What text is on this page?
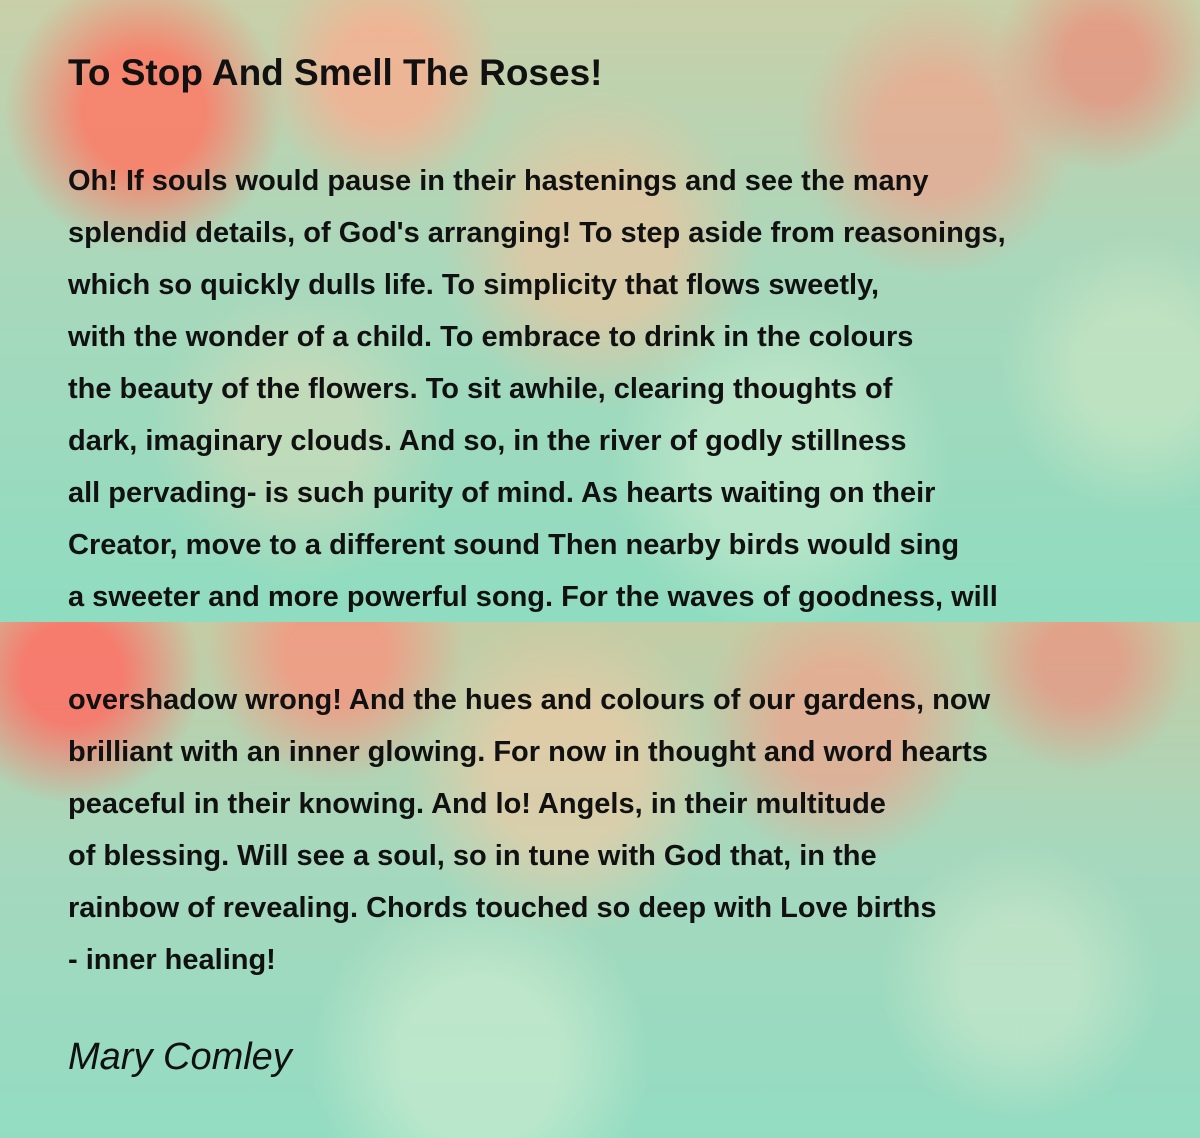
To Stop And Smell The Roses!
Oh! If souls would pause in their hastenings and see the many
splendid details, of God's arranging! To step aside from reasonings,
which so quickly dulls life. To simplicity that flows sweetly,
with the wonder of a child. To embrace to drink in the colours
the beauty of the flowers. To sit awhile, clearing thoughts of
dark, imaginary clouds. And so, in the river of godly stillness
all pervading- is such purity of mind. As hearts waiting on their
Creator, move to a different sound Then nearby birds would sing
a sweeter and more powerful song. For the waves of goodness, will
overshadow wrong! And the hues and colours of our gardens, now
brilliant with an inner glowing. For now in thought and word hearts
peaceful in their knowing. And lo! Angels, in their multitude
of blessing. Will see a soul, so in tune with God that, in the
rainbow of revealing. Chords touched so deep with Love births
- inner healing!
Mary Comley
